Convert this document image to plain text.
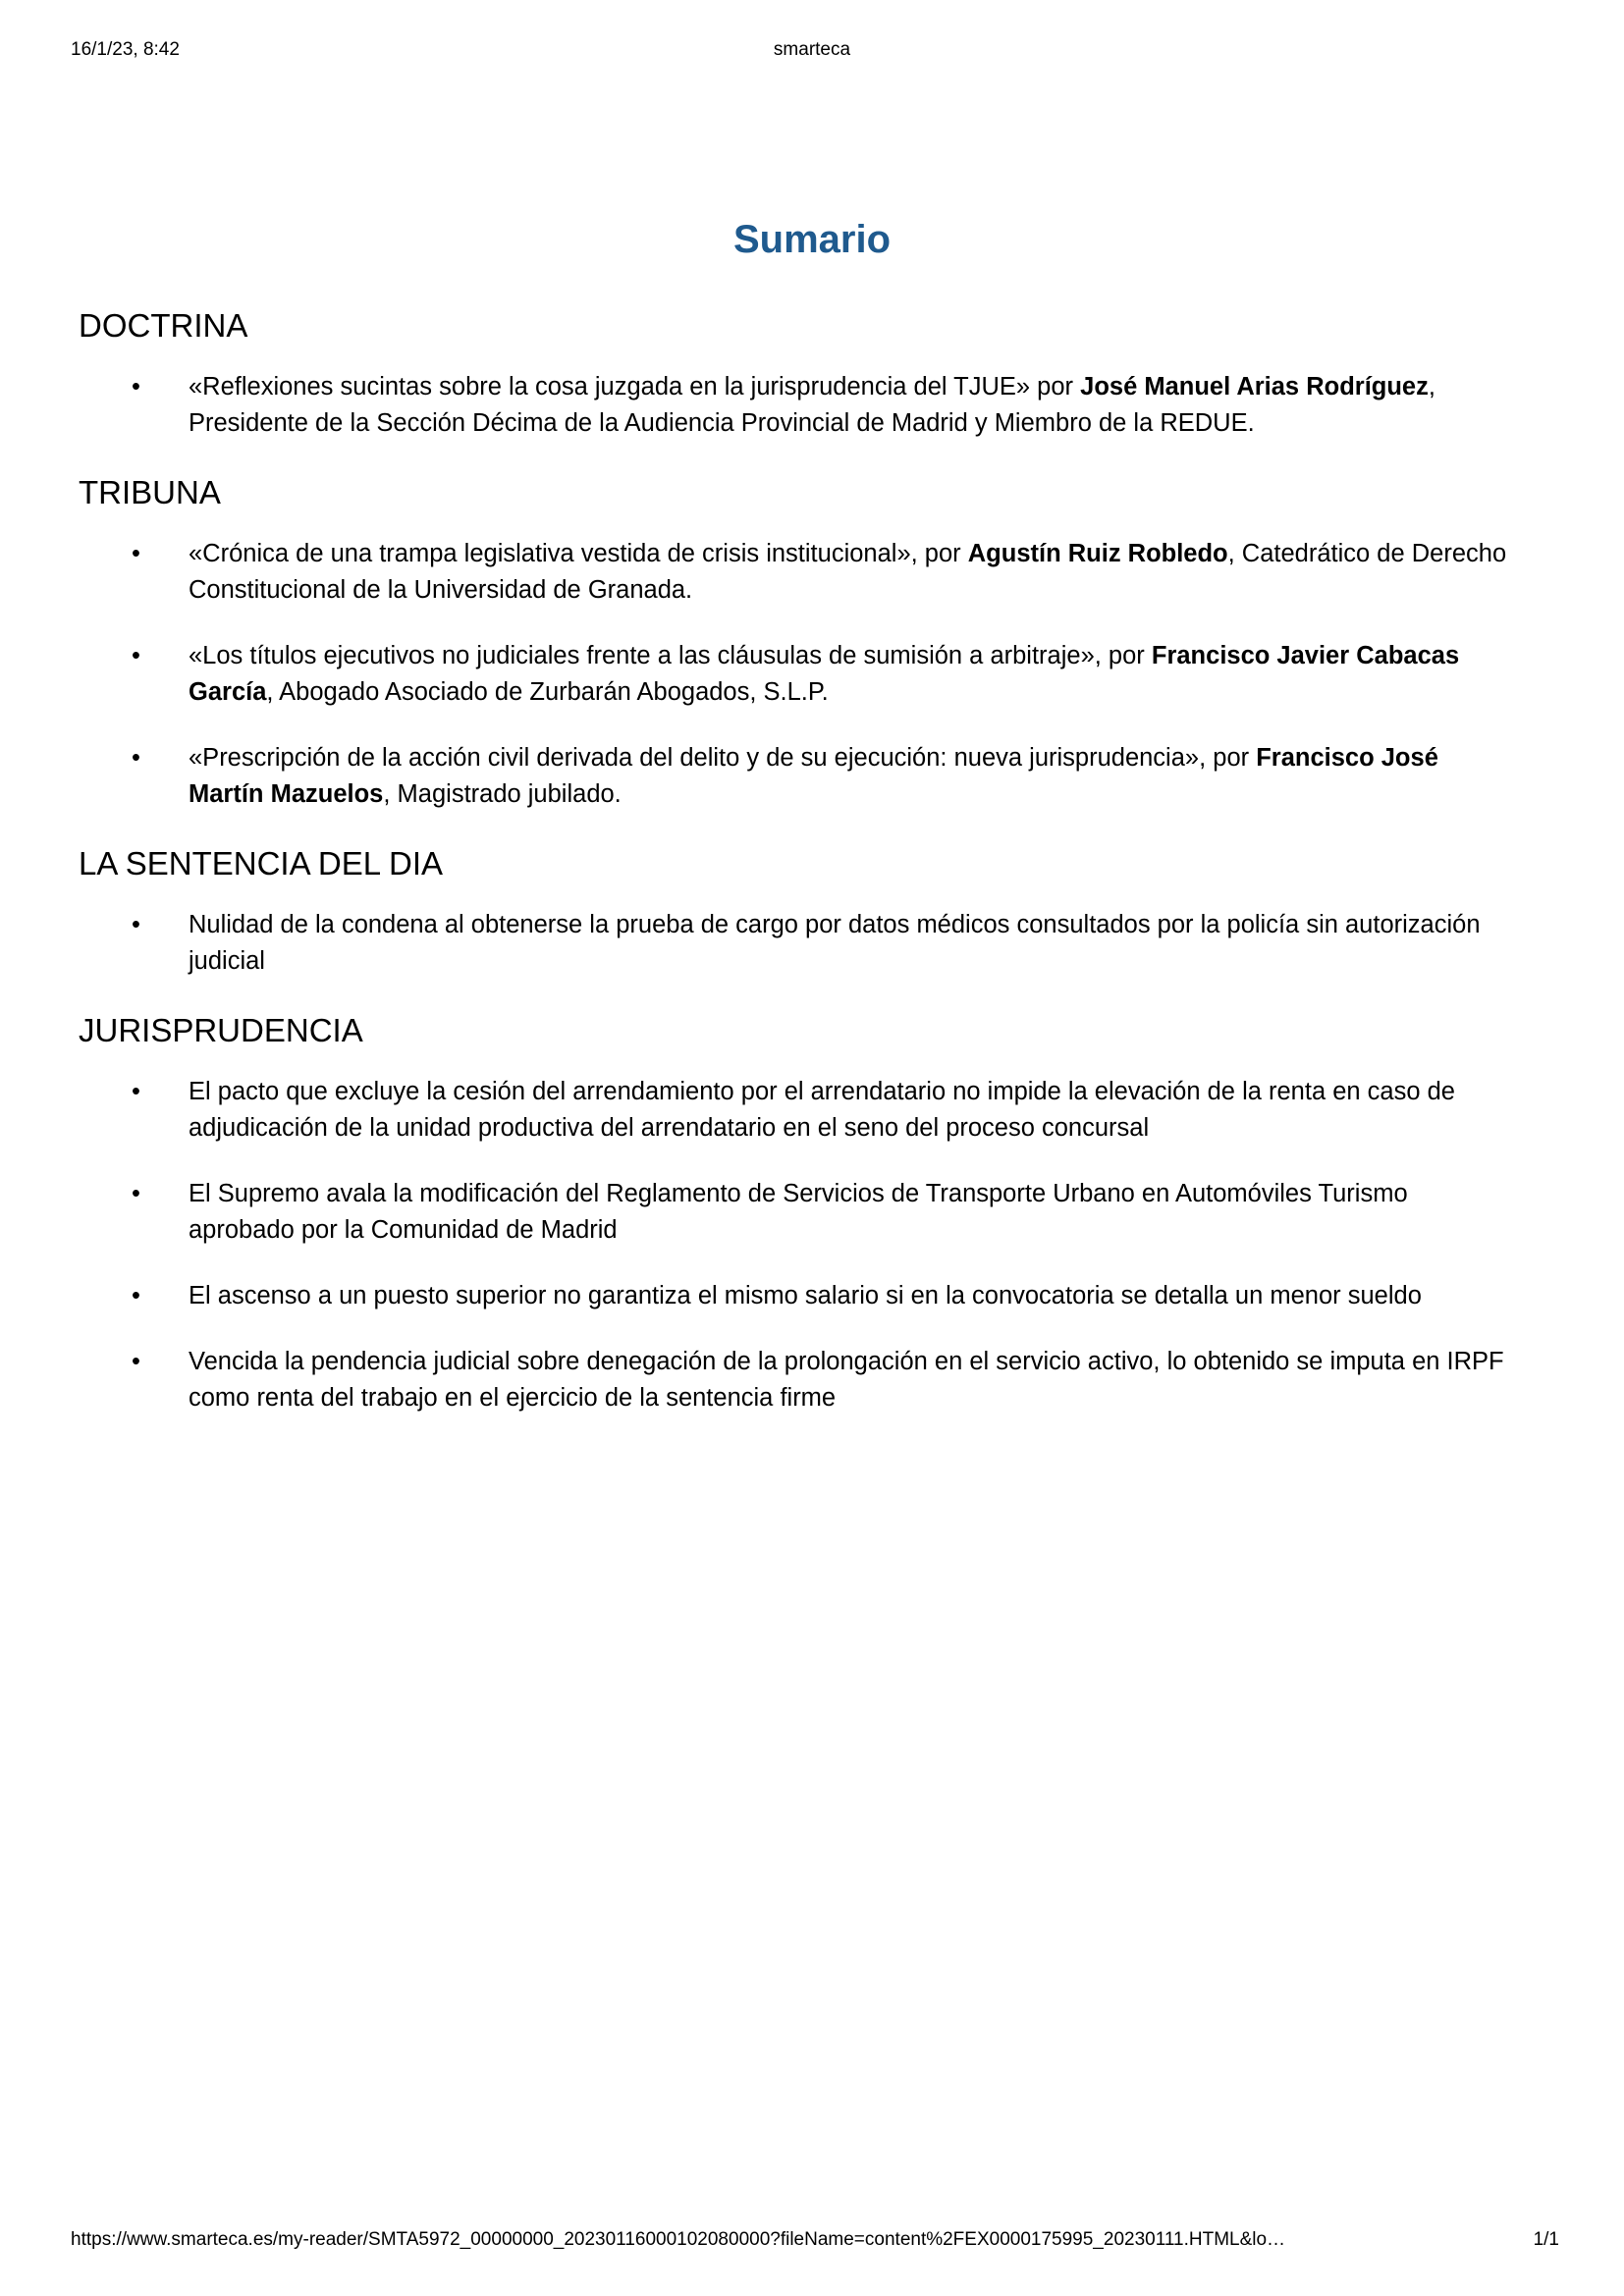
16/1/23, 8:42	smarteca
Sumario
DOCTRINA
• «Reflexiones sucintas sobre la cosa juzgada en la jurisprudencia del TJUE» por José Manuel Arias Rodríguez, Presidente de la Sección Décima de la Audiencia Provincial de Madrid y Miembro de la REDUE.
TRIBUNA
• «Crónica de una trampa legislativa vestida de crisis institucional», por Agustín Ruiz Robledo, Catedrático de Derecho Constitucional de la Universidad de Granada.
• «Los títulos ejecutivos no judiciales frente a las cláusulas de sumisión a arbitraje», por Francisco Javier Cabacas García, Abogado Asociado de Zurbarán Abogados, S.L.P.
• «Prescripción de la acción civil derivada del delito y de su ejecución: nueva jurisprudencia», por Francisco José Martín Mazuelos, Magistrado jubilado.
LA SENTENCIA DEL DIA
• Nulidad de la condena al obtenerse la prueba de cargo por datos médicos consultados por la policía sin autorización judicial
JURISPRUDENCIA
• El pacto que excluye la cesión del arrendamiento por el arrendatario no impide la elevación de la renta en caso de adjudicación de la unidad productiva del arrendatario en el seno del proceso concursal
• El Supremo avala la modificación del Reglamento de Servicios de Transporte Urbano en Automóviles Turismo aprobado por la Comunidad de Madrid
• El ascenso a un puesto superior no garantiza el mismo salario si en la convocatoria se detalla un menor sueldo
• Vencida la pendencia judicial sobre denegación de la prolongación en el servicio activo, lo obtenido se imputa en IRPF como renta del trabajo en el ejercicio de la sentencia firme
https://www.smarteca.es/my-reader/SMTA5972_00000000_20230116000102080000?fileName=content%2FEX0000175995_20230111.HTML&lo…	1/1
